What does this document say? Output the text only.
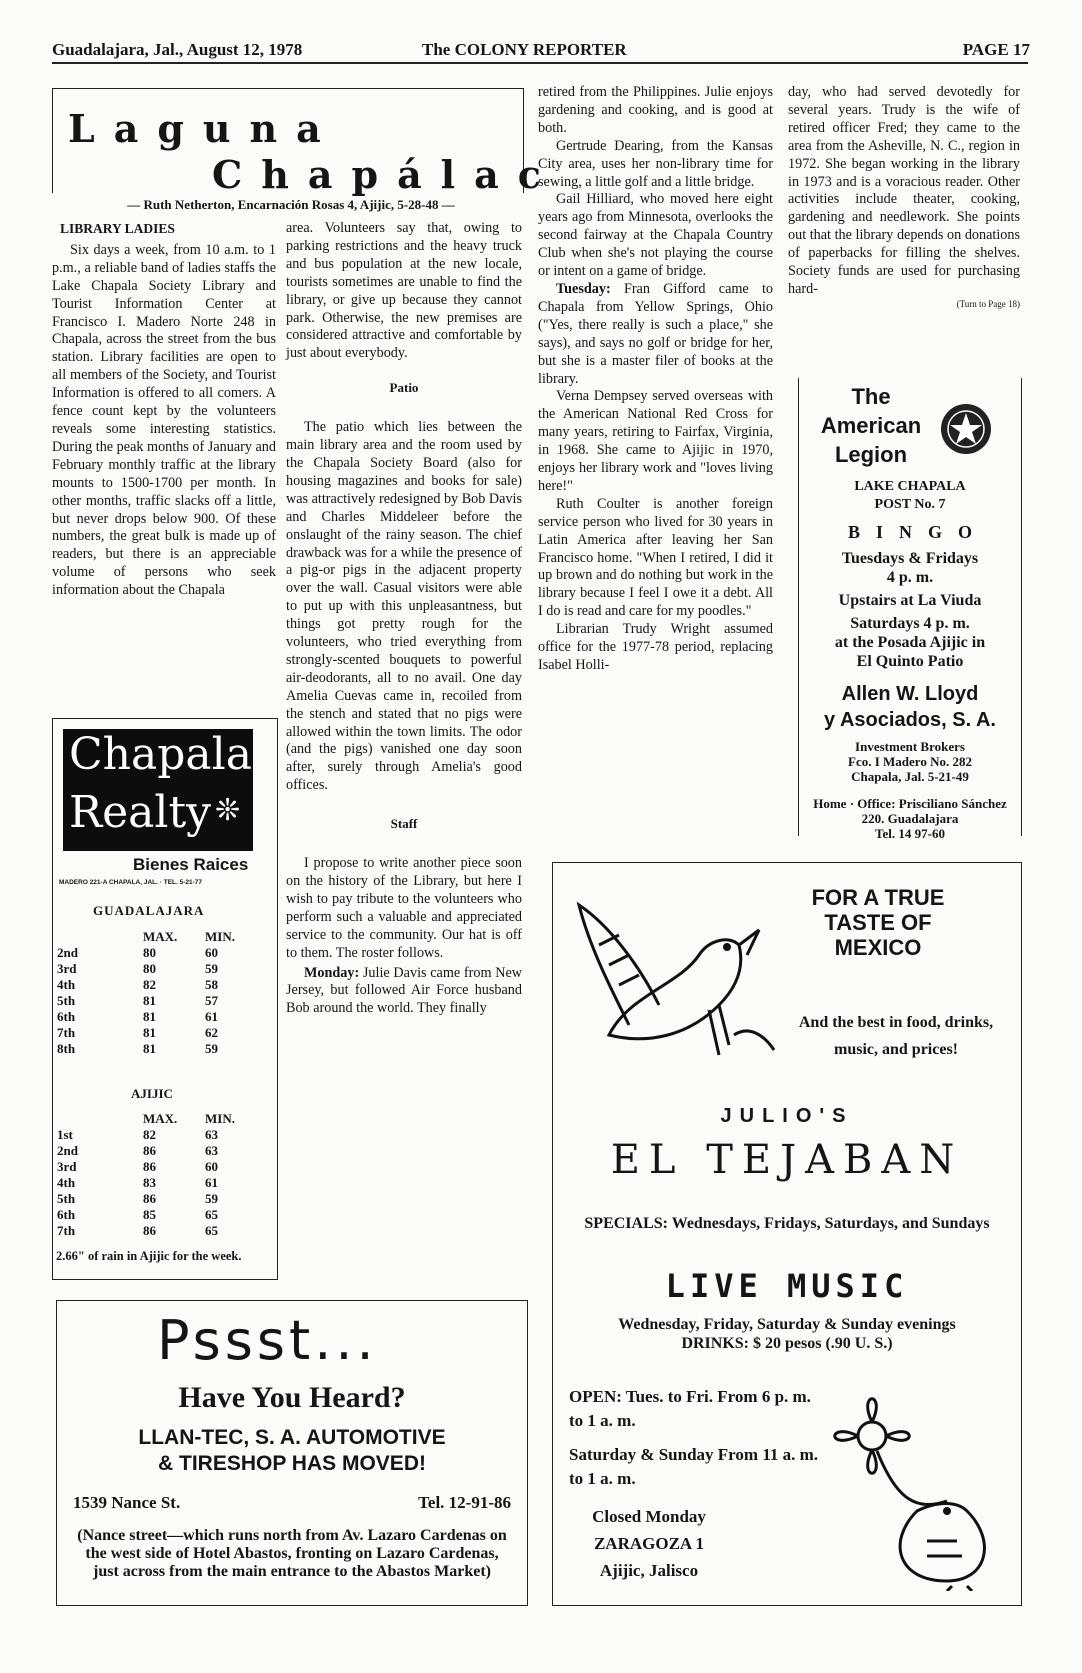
Guadalajara, Jal., August 12, 1978	The COLONY REPORTER	PAGE 17
Laguna
Chapálac
— Ruth Netherton, Encarnación Rosas 4, Ajijic, 5-28-48 —
LIBRARY LADIES

Six days a week, from 10 a.m. to 1 p.m., a reliable band of ladies staffs the Lake Chapala Society Library and Tourist Information Center at Francisco I. Madero Norte 248 in Chapala, across the street from the bus station. Library facilities are open to all members of the Society, and Tourist Information is offered to all comers. A fence count kept by the volunteers reveals some interesting statistics. During the peak months of January and February monthly traffic at the library mounts to 1500-1700 per month. In other months, traffic slacks off a little, but never drops below 900. Of these numbers, the great bulk is made up of readers, but there is an appreciable volume of persons who seek information about the Chapala

Chapala
Realty ❊
Bienes Raices
MADERO 221-A CHAPALA, JAL. · TEL. 5-21-77
GUADALAJARA
	MAX.	MIN.
2nd	80	60
3rd	80	59
4th	82	58
5th	81	57
6th	81	61
7th	81	62
8th	81	59
AJIJIC
	MAX.	MIN.
1st	82	63
2nd	86	63
3rd	86	60
4th	83	61
5th	86	59
6th	85	65
7th	86	65
2.66" of rain in Ajijic for the week.

area. Volunteers say that, owing to parking restrictions and the heavy truck and bus population at the new locale, tourists sometimes are unable to find the library, or give up because they cannot park. Otherwise, the new premises are considered attractive and comfortable by just about everybody.

Patio

The patio which lies between the main library area and the room used by the Chapala Society Board (also for housing magazines and books for sale) was attractively redesigned by Bob Davis and Charles Middeleer before the onslaught of the rainy season. The chief drawback was for a while the presence of a pig-or pigs in the adjacent property over the wall. Casual visitors were able to put up with this unpleasantness, but things got pretty rough for the volunteers, who tried everything from strongly-scented bouquets to powerful air-deodorants, all to no avail. One day Amelia Cuevas came in, recoiled from the stench and stated that no pigs were allowed within the town limits. The odor (and the pigs) vanished one day soon after, surely through Amelia's good offices.

Staff

I propose to write another piece soon on the history of the Library, but here I wish to pay tribute to the volunteers who perform such a valuable and appreciated service to the community. Our hat is off to them. The roster follows.

Monday: Julie Davis came from New Jersey, but followed Air Force husband Bob around the world. They finally

retired from the Philippines. Julie enjoys gardening and cooking, and is good at both.

Gertrude Dearing, from the Kansas City area, uses her non-library time for sewing, a little golf and a little bridge.

Gail Hilliard, who moved here eight years ago from Minnesota, overlooks the second fairway at the Chapala Country Club when she's not playing the course or intent on a game of bridge.

Tuesday: Fran Gifford came to Chapala from Yellow Springs, Ohio ("Yes, there really is such a place," she says), and says no golf or bridge for her, but she is a master filer of books at the library.

Verna Dempsey served overseas with the American National Red Cross for many years, retiring to Fairfax, Virginia, in 1968. She came to Ajijic in 1970, enjoys her library work and "loves living here!"

Ruth Coulter is another foreign service person who lived for 30 years in Latin America after leaving her San Francisco home. "When I retired, I did it up brown and do nothing but work in the library because I feel I owe it a debt. All I do is read and care for my poodles."

Librarian Trudy Wright assumed office for the 1977-78 period, replacing Isabel Holli-

day, who had served devotedly for several years. Trudy is the wife of retired officer Fred; they came to the area from the Asheville, N. C., region in 1972. She began working in the library in 1973 and is a voracious reader. Other activities include theater, cooking, gardening and needlework. She points out that the library depends on donations of paperbacks for filling the shelves. Society funds are used for purchasing hard-

(Turn to Page 18)
The
American
Legion
LAKE CHAPALA
POST No. 7
BINGO
Tuesdays & Fridays
4 p. m.
Upstairs at La Viuda
Saturdays 4 p. m.
at the Posada Ajijic in
El Quinto Patio
Allen W. Lloyd
y Asociados, S. A.
Investment Brokers
Fco. I Madero No. 282
Chapala, Jal. 5-21-49
Home · Office: Prisciliano Sánchez 220. Guadalajara
Tel. 14 97-60
FOR A TRUE
TASTE OF
MEXICO
And the best in food, drinks, music, and prices!
JULIO'S
EL TEJABAN
SPECIALS: Wednesdays, Fridays, Saturdays, and Sundays
LIVE MUSIC
Wednesday, Friday, Saturday & Sunday evenings
DRINKS: $ 20 pesos (.90 U. S.)
OPEN: Tues. to Fri. From 6 p. m. to 1 a. m.
Saturday & Sunday From 11 a. m. to 1 a. m.
Closed Monday
ZARAGOZA 1
Ajijic, Jalisco
Pssst...
Have You Heard?
LLAN-TEC, S. A. AUTOMOTIVE
& TIRESHOP HAS MOVED!
1539 Nance St.	Tel. 12-91-86
(Nance street—which runs north from Av. Lazaro Cardenas on the west side of Hotel Abastos, fronting on Lazaro Cardenas, just across from the main entrance to the Abastos Market)
